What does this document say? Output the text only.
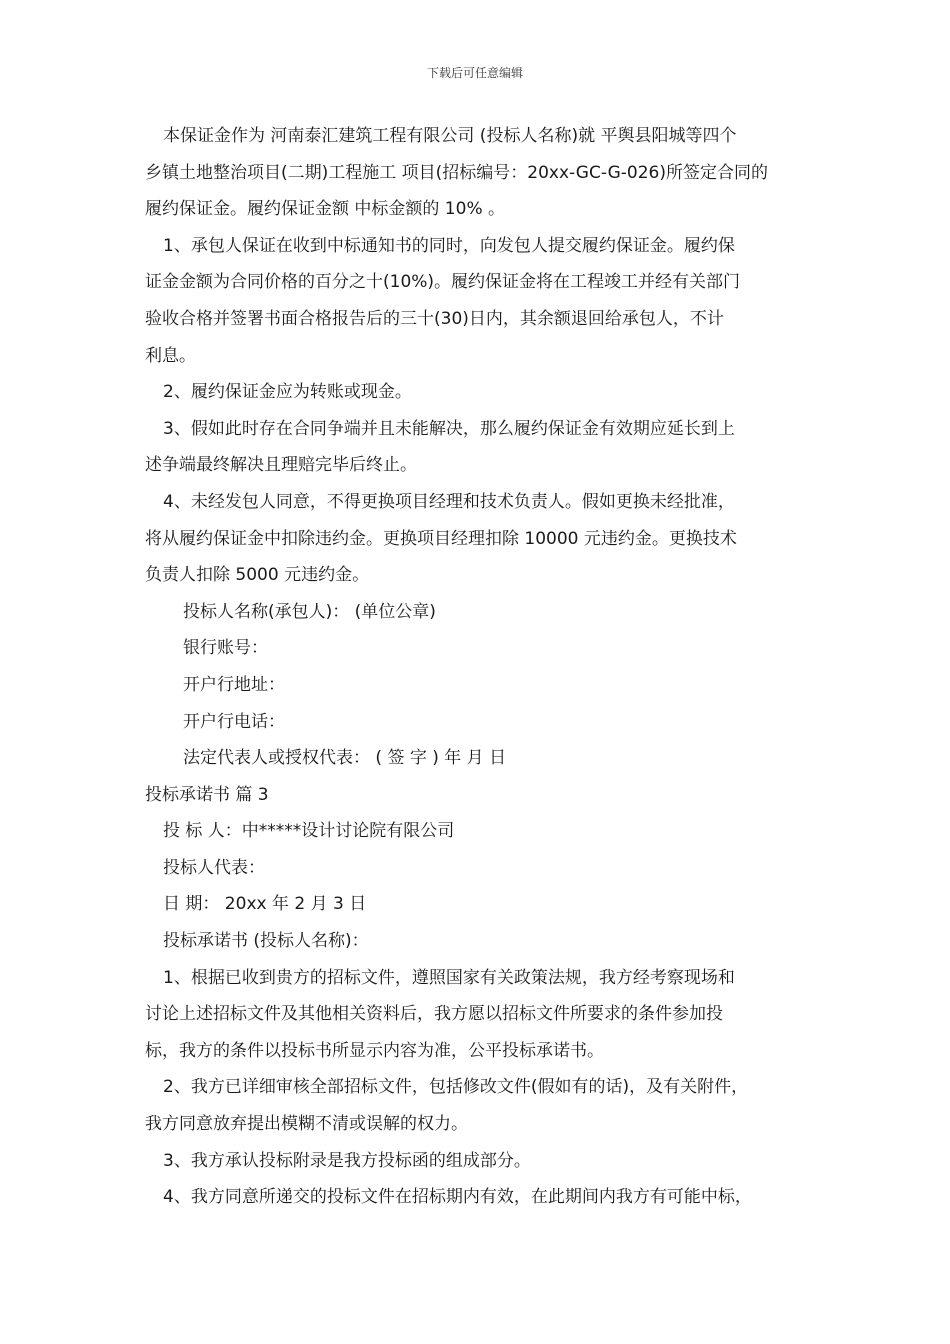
下载后可任意编辑
本保证金作为 河南泰汇建筑工程有限公司 (投标人名称)就 平舆县阳城等四个
乡镇土地整治项目(二期)工程施工 项目(招标编号：20xx-GC-G-026)所签定合同的
履约保证金。履约保证金额 中标金额的 10% 。
1、承包人保证在收到中标通知书的同时，向发包人提交履约保证金。履约保
证金金额为合同价格的百分之十(10%)。履约保证金将在工程竣工并经有关部门
验收合格并签署书面合格报告后的三十(30)日内，其余额退回给承包人，不计
利息。
2、履约保证金应为转账或现金。
3、假如此时存在合同争端并且未能解决，那么履约保证金有效期应延长到上
述争端最终解决且理赔完毕后终止。
4、未经发包人同意，不得更换项目经理和技术负责人。假如更换未经批准，
将从履约保证金中扣除违约金。更换项目经理扣除 10000 元违约金。更换技术
负责人扣除 5000 元违约金。
投标人名称(承包人)： (单位公章)
银行账号：
开户行地址：
开户行电话：
法定代表人或授权代表： ( 签 字 ) 年 月 日
投标承诺书 篇 3
投 标 人：中*****设计讨论院有限公司
投标人代表：
日 期： 20xx 年 2 月 3 日
投标承诺书 (投标人名称)：
1、根据已收到贵方的招标文件，遵照国家有关政策法规，我方经考察现场和
讨论上述招标文件及其他相关资料后，我方愿以招标文件所要求的条件参加投
标，我方的条件以投标书所显示内容为准，公平投标承诺书。
2、我方已详细审核全部招标文件，包括修改文件(假如有的话)，及有关附件，
我方同意放弃提出模糊不清或误解的权力。
3、我方承认投标附录是我方投标函的组成部分。
4、我方同意所递交的投标文件在招标期内有效，在此期间内我方有可能中标，
